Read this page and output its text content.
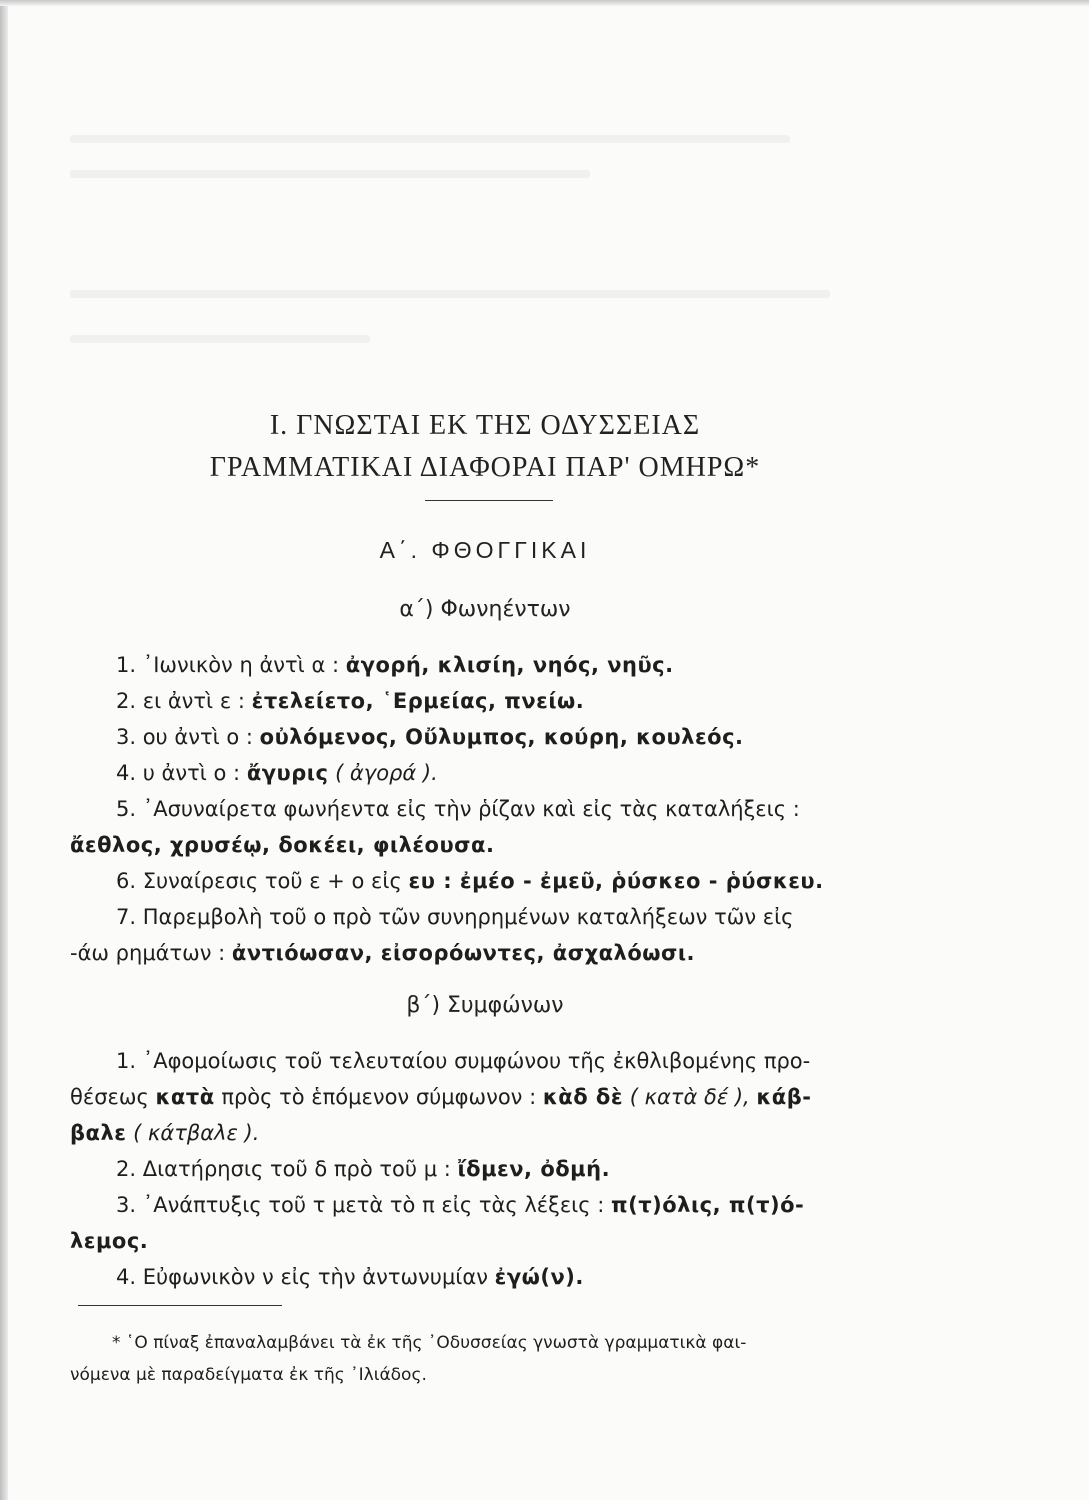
Ι. ΓΝΩΣΤΑΙ ΕΚ ΤΗΣ ΟΔΥΣΣΕΙΑΣ
ΓΡΑΜΜΑΤΙΚΑΙ ΔΙΑΦΟΡΑΙ ΠΑΡ' ΟΜΗΡΩ*
Α΄. ΦΘΟΓΓΙΚΑΙ
α΄) Φωνηέντων
1. ᾿Ιωνικὸν η ἀντὶ α : ἀγορή, κλισίη, νηός, νηῦς.
2. ει ἀντὶ ε : ἐτελείετο, ῾Ερμείας, πνείω.
3. ου ἀντὶ ο : οὐλόμενος, Οὔλυμπος, κούρη, κουλεός.
4. υ ἀντὶ ο : ἄγυρις ( ἀγορά ).
5. ᾿Ασυναίρετα φωνήεντα εἰς τὴν ῥίζαν καὶ εἰς τὰς καταλήξεις :
ἄεθλος, χρυσέῳ, δοκέει, φιλέουσα.
6. Συναίρεσις τοῦ ε + ο εἰς ευ : ἐμέο - ἐμεῦ, ῥύσκεο - ῥύσκευ.
7. Παρεμβολὴ τοῦ ο πρὸ τῶν συνηρημένων καταλήξεων τῶν εἰς
-άω ρημάτων : ἀντιόωσαν, εἰσορόωντες, ἀσχαλόωσι.
β΄) Συμφώνων
1. ᾿Αφομοίωσις τοῦ τελευταίου συμφώνου τῆς ἐκθλιβομένης προ-
θέσεως κατὰ πρὸς τὸ ἑπόμενον σύμφωνον : κὰδ δὲ ( κατὰ δέ ), κάβ-
βαλε ( κάτβαλε ).
2. Διατήρησις τοῦ δ πρὸ τοῦ μ : ἴδμεν, ὀδμή.
3. ᾿Ανάπτυξις τοῦ τ μετὰ τὸ π εἰς τὰς λέξεις : π(τ)όλις, π(τ)ό-
λεμος.
4. Εὐφωνικὸν ν εἰς τὴν ἀντωνυμίαν ἐγώ(ν).
* ῾Ο πίναξ ἐπαναλαμβάνει τὰ ἐκ τῆς ᾿Οδυσσείας γνωστὰ γραμματικὰ φαι-
νόμενα μὲ παραδείγματα ἐκ τῆς ᾿Ιλιάδος.
